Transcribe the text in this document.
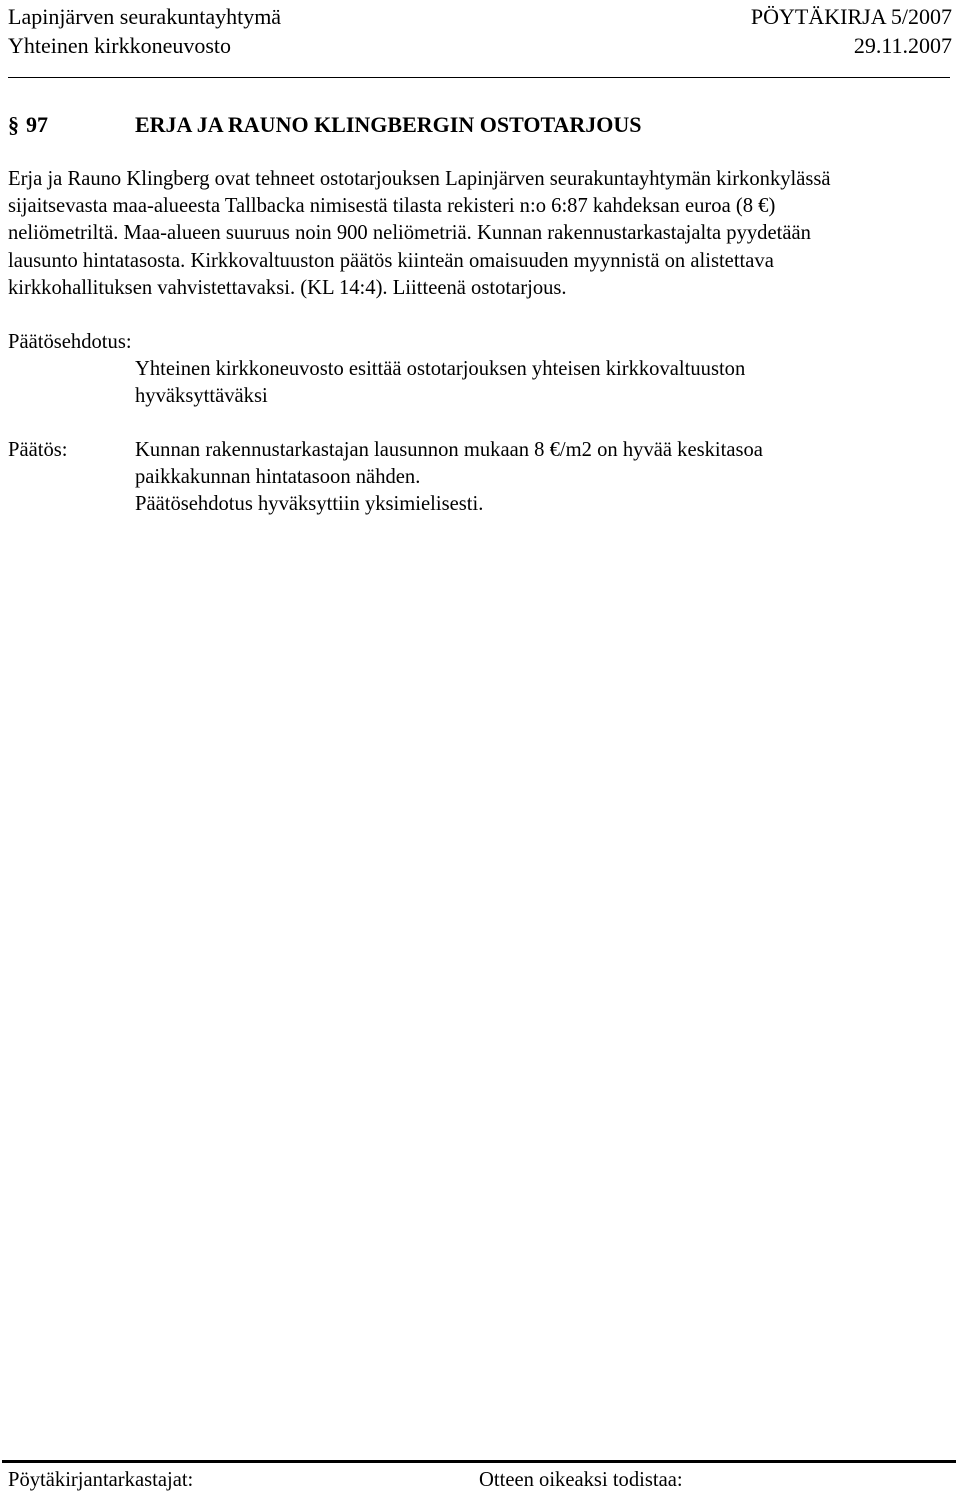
Lapinjärven seurakuntayhtymä	PÖYTÄKIRJA 5/2007
Yhteinen kirkkoneuvosto	29.11.2007
§ 97	ERJA JA RAUNO KLINGBERGIN OSTOTARJOUS
Erja ja Rauno Klingberg ovat tehneet ostotarjouksen Lapinjärven seurakuntayhtymän kirkonkylässä
sijaitsevasta maa-alueesta Tallbacka nimisestä tilasta rekisteri n:o 6:87 kahdeksan euroa (8 €)
neliömetriltä. Maa-alueen suuruus noin 900 neliömetriä. Kunnan rakennustarkastajalta pyydetään
lausunto hintatasosta. Kirkkovaltuuston päätös kiinteän omaisuuden myynnistä on alistettava
kirkkohallituksen vahvistettavaksi. (KL 14:4). Liitteenä ostotarjous.
Päätösehdotus:
Yhteinen kirkkoneuvosto esittää ostotarjouksen yhteisen kirkkovaltuuston
hyväksyttäväksi
Päätös:	Kunnan rakennustarkastajan lausunnon mukaan 8 €/m2 on hyvää keskitasoa
paikkakunnan hintatasoon nähden.
Päätösehdotus hyväksyttiin yksimielisesti.
Pöytäkirjantarkastajat:	Otteen oikeaksi todistaa:
